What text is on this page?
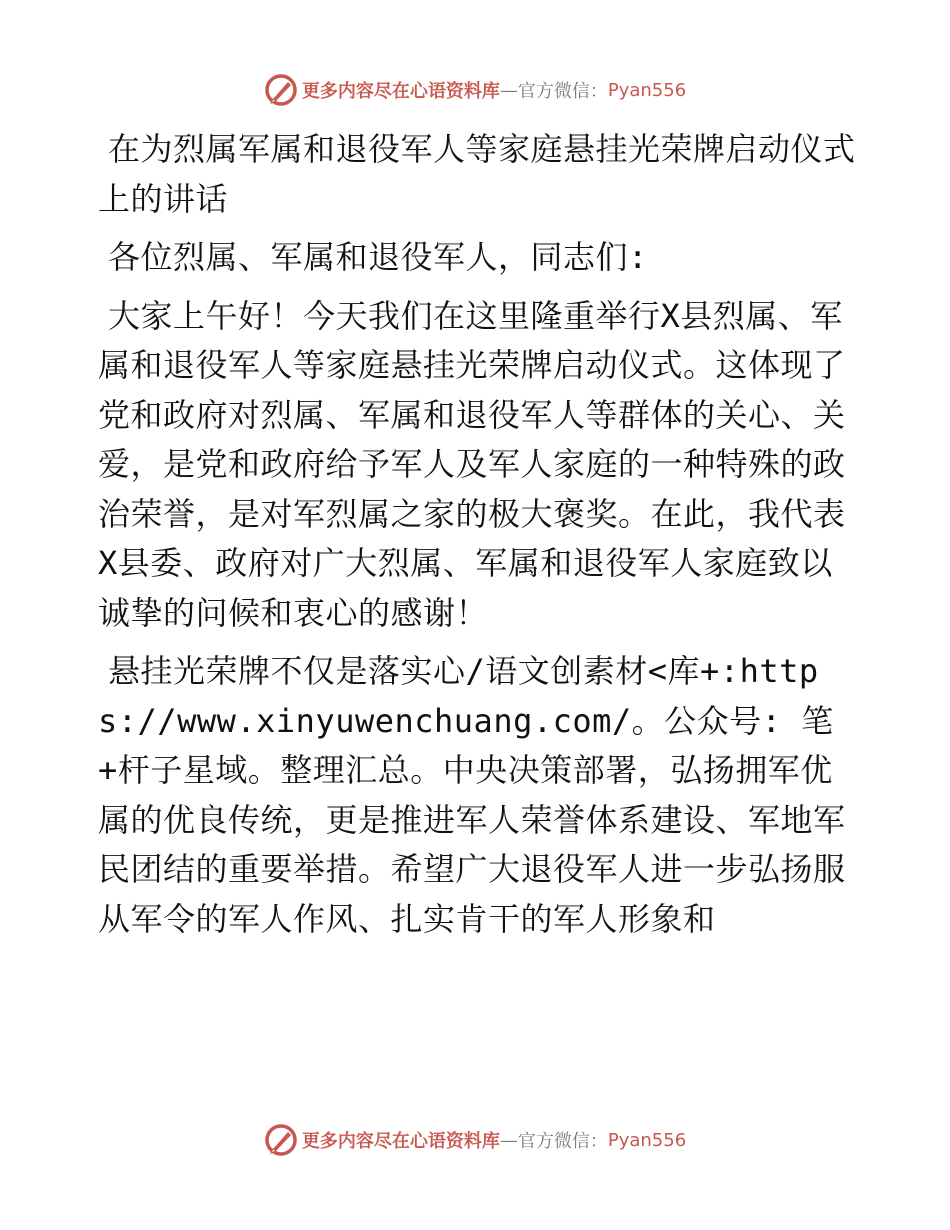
更多内容尽在心语资料库 — 官方微信： Pyan556

在为烈属军属和退役军人等家庭悬挂光荣牌启动仪式上的讲话

各位烈属、军属和退役军人，同志们:

大家上午好！今天我们在这里隆重举行X县烈属、军属和退役军人等家庭悬挂光荣牌启动仪式。这体现了党和政府对烈属、军属和退役军人等群体的关心、关爱，是党和政府给予军人及军人家庭的一种特殊的政治荣誉，是对军烈属之家的极大褒奖。在此，我代表X县委、政府对广大烈属、军属和退役军人家庭致以诚挚的问候和衷心的感谢！

悬挂光荣牌不仅是落实心/语文创素材<库+:https://www.xinyuwenchuang.com/。公众号: 笔+杆子星域。整理汇总。中央决策部署，弘扬拥军优属的优良传统，更是推进军人荣誉体系建设、军地军民团结的重要举措。希望广大退役军人进一步弘扬服从军令的军人作风、扎实肯干的军人形象和

更多内容尽在心语资料库 — 官方微信： Pyan556
